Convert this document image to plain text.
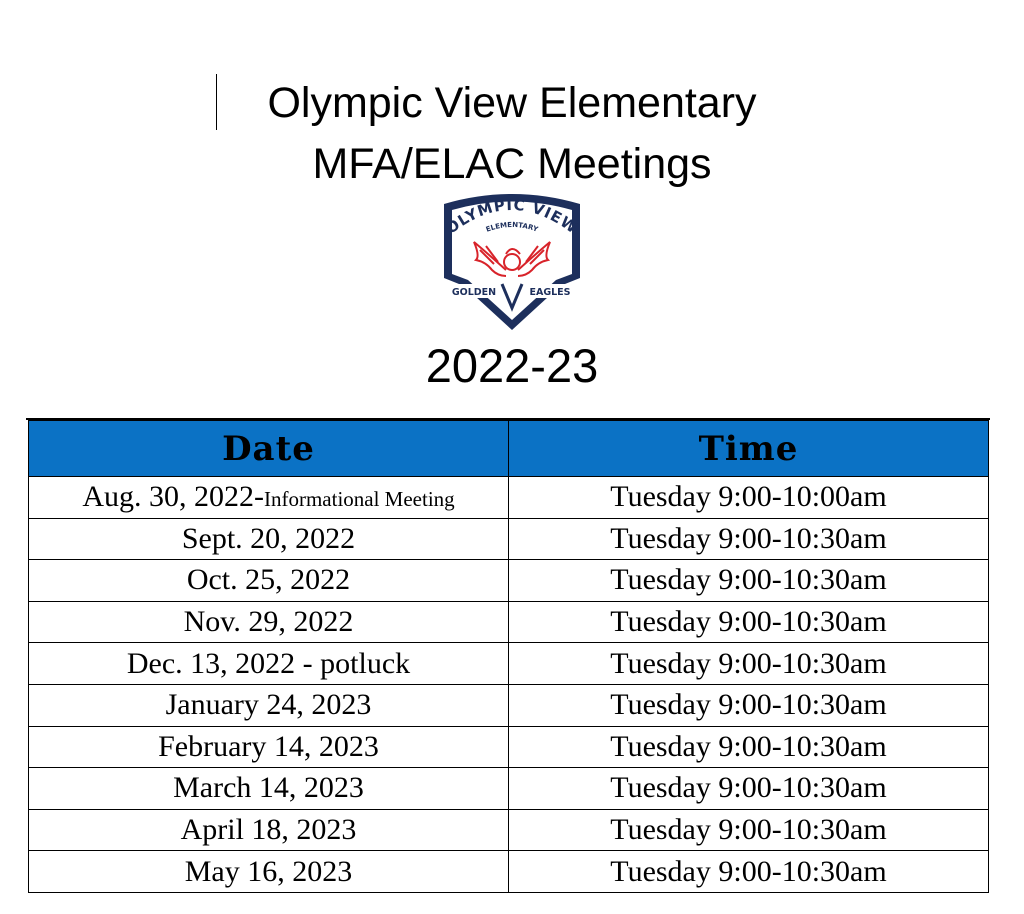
Olympic View Elementary
MFA/ELAC Meetings
OLYMPIC VIEW
ELEMENTARY
GOLDEN	EAGLES
2022-23
Date	Time
Aug. 30, 2022-Informational Meeting	Tuesday 9:00-10:00am
Sept. 20, 2022	Tuesday 9:00-10:30am
Oct. 25, 2022	Tuesday 9:00-10:30am
Nov. 29, 2022	Tuesday 9:00-10:30am
Dec. 13, 2022 - potluck	Tuesday 9:00-10:30am
January 24, 2023	Tuesday 9:00-10:30am
February 14, 2023	Tuesday 9:00-10:30am
March 14, 2023	Tuesday 9:00-10:30am
April 18, 2023	Tuesday 9:00-10:30am
May 16, 2023	Tuesday 9:00-10:30am
